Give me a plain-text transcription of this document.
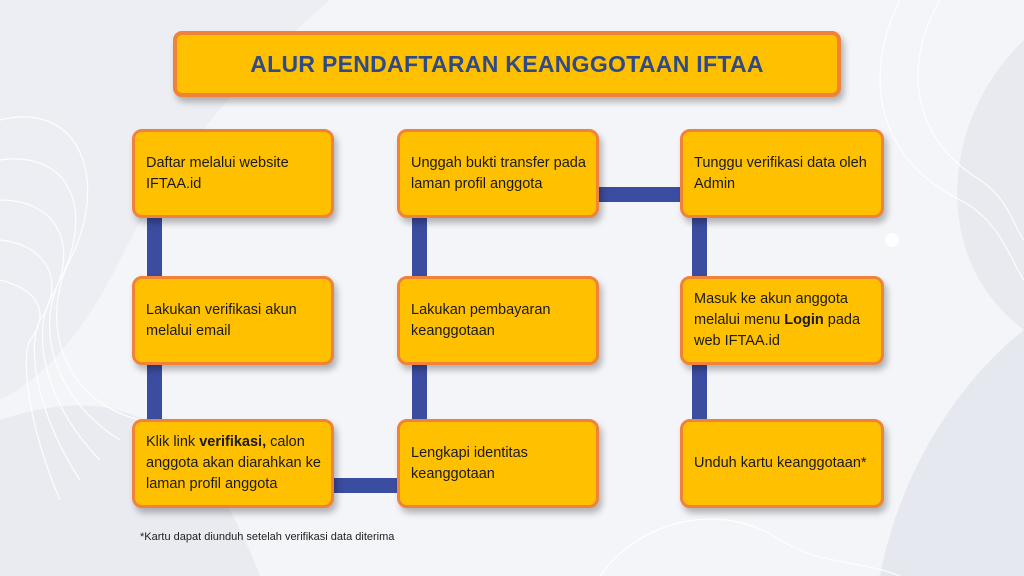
ALUR PENDAFTARAN KEANGGOTAAN IFTAA
Daftar melalui website IFTAA.id
Lakukan verifikasi akun melalui email
Klik link verifikasi, calon anggota akan diarahkan ke laman profil anggota
Lengkapi identitas keanggotaan
Lakukan pembayaran keanggotaan
Unggah bukti transfer pada laman profil anggota
Tunggu verifikasi data oleh Admin
Masuk ke akun anggota melalui menu Login pada web IFTAA.id
Unduh kartu keanggotaan*
*Kartu dapat diunduh setelah verifikasi data diterima
